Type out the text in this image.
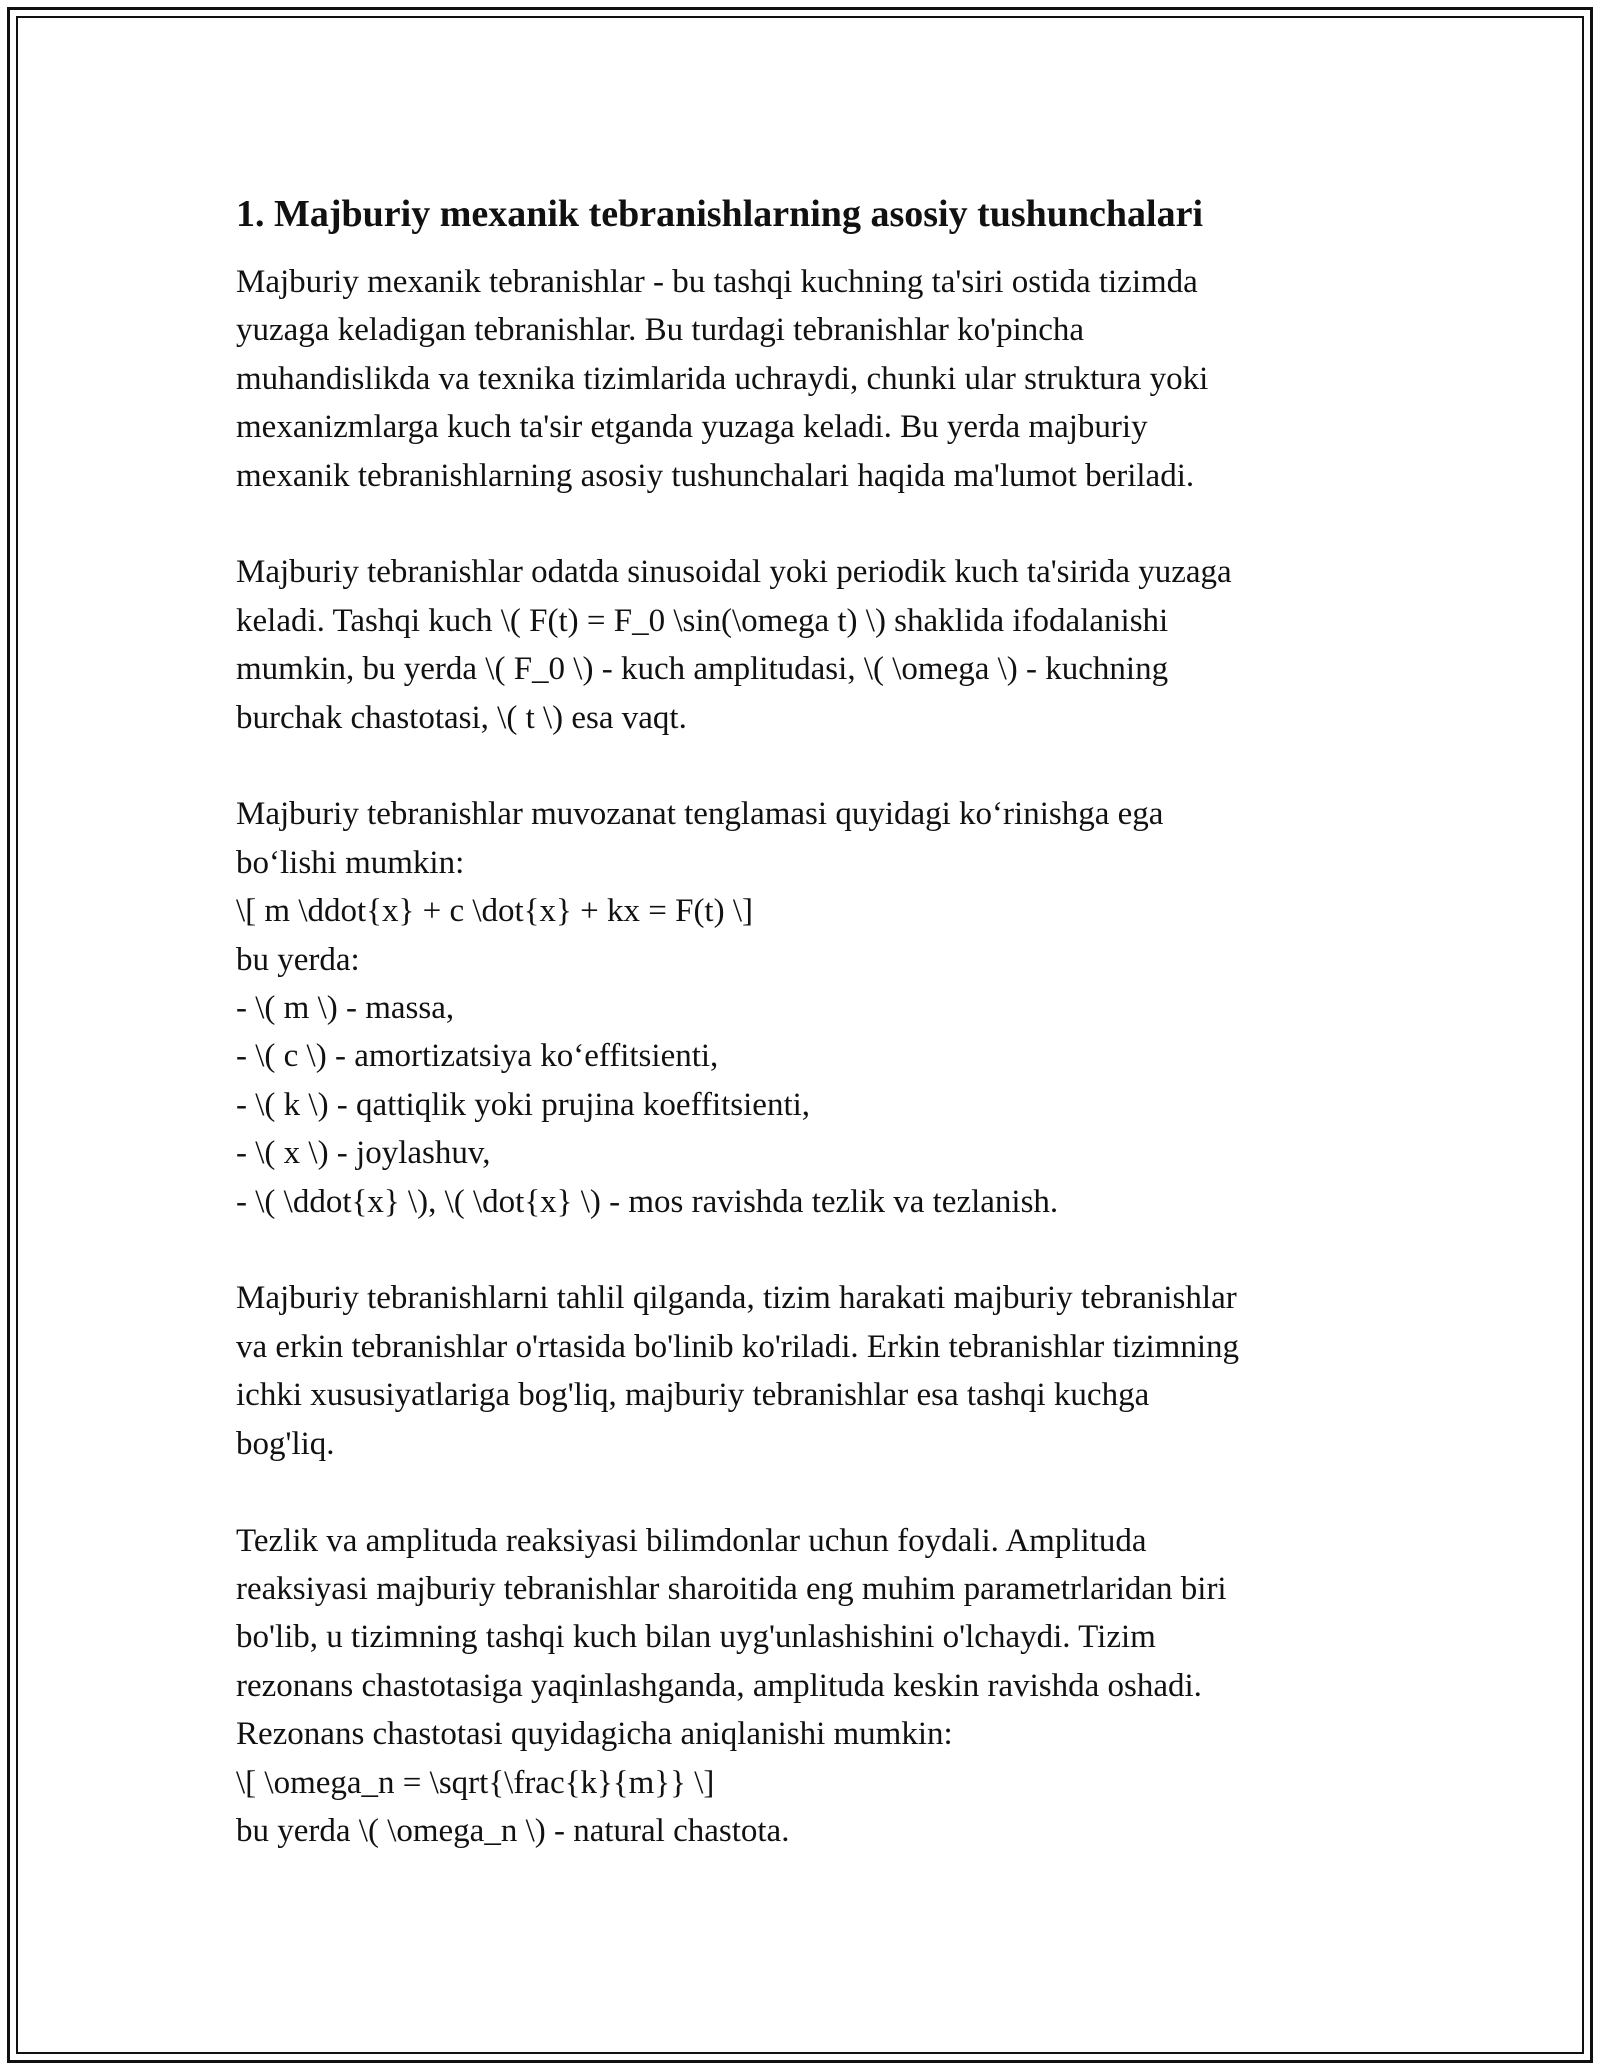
1. Majburiy mexanik tebranishlarning asosiy tushunchalari

Majburiy mexanik tebranishlar - bu tashqi kuchning ta'siri ostida tizimda
yuzaga keladigan tebranishlar. Bu turdagi tebranishlar ko'pincha
muhandislikda va texnika tizimlarida uchraydi, chunki ular struktura yoki
mexanizmlarga kuch ta'sir etganda yuzaga keladi. Bu yerda majburiy
mexanik tebranishlarning asosiy tushunchalari haqida ma'lumot beriladi.

Majburiy tebranishlar odatda sinusoidal yoki periodik kuch ta'sirida yuzaga
keladi. Tashqi kuch \( F(t) = F_0 \sin(\omega t) \) shaklida ifodalanishi
mumkin, bu yerda \( F_0 \) - kuch amplitudasi, \( \omega \) - kuchning
burchak chastotasi, \( t \) esa vaqt.

Majburiy tebranishlar muvozanat tenglamasi quyidagi koʻrinishga ega
boʻlishi mumkin:
\[ m \ddot{x} + c \dot{x} + kx = F(t) \]
bu yerda:
- \( m \) - massa,
- \( c \) - amortizatsiya koʻeffitsienti,
- \( k \) - qattiqlik yoki prujina koeffitsienti,
- \( x \) - joylashuv,
- \( \ddot{x} \), \( \dot{x} \) - mos ravishda tezlik va tezlanish.

Majburiy tebranishlarni tahlil qilganda, tizim harakati majburiy tebranishlar
va erkin tebranishlar o'rtasida bo'linib ko'riladi. Erkin tebranishlar tizimning
ichki xususiyatlariga bog'liq, majburiy tebranishlar esa tashqi kuchga
bog'liq.

Tezlik va amplituda reaksiyasi bilimdonlar uchun foydali. Amplituda
reaksiyasi majburiy tebranishlar sharoitida eng muhim parametrlaridan biri
bo'lib, u tizimning tashqi kuch bilan uyg'unlashishini o'lchaydi. Tizim
rezonans chastotasiga yaqinlashganda, amplituda keskin ravishda oshadi.
Rezonans chastotasi quyidagicha aniqlanishi mumkin:
\[ \omega_n = \sqrt{\frac{k}{m}} \]
bu yerda \( \omega_n \) - natural chastota.
